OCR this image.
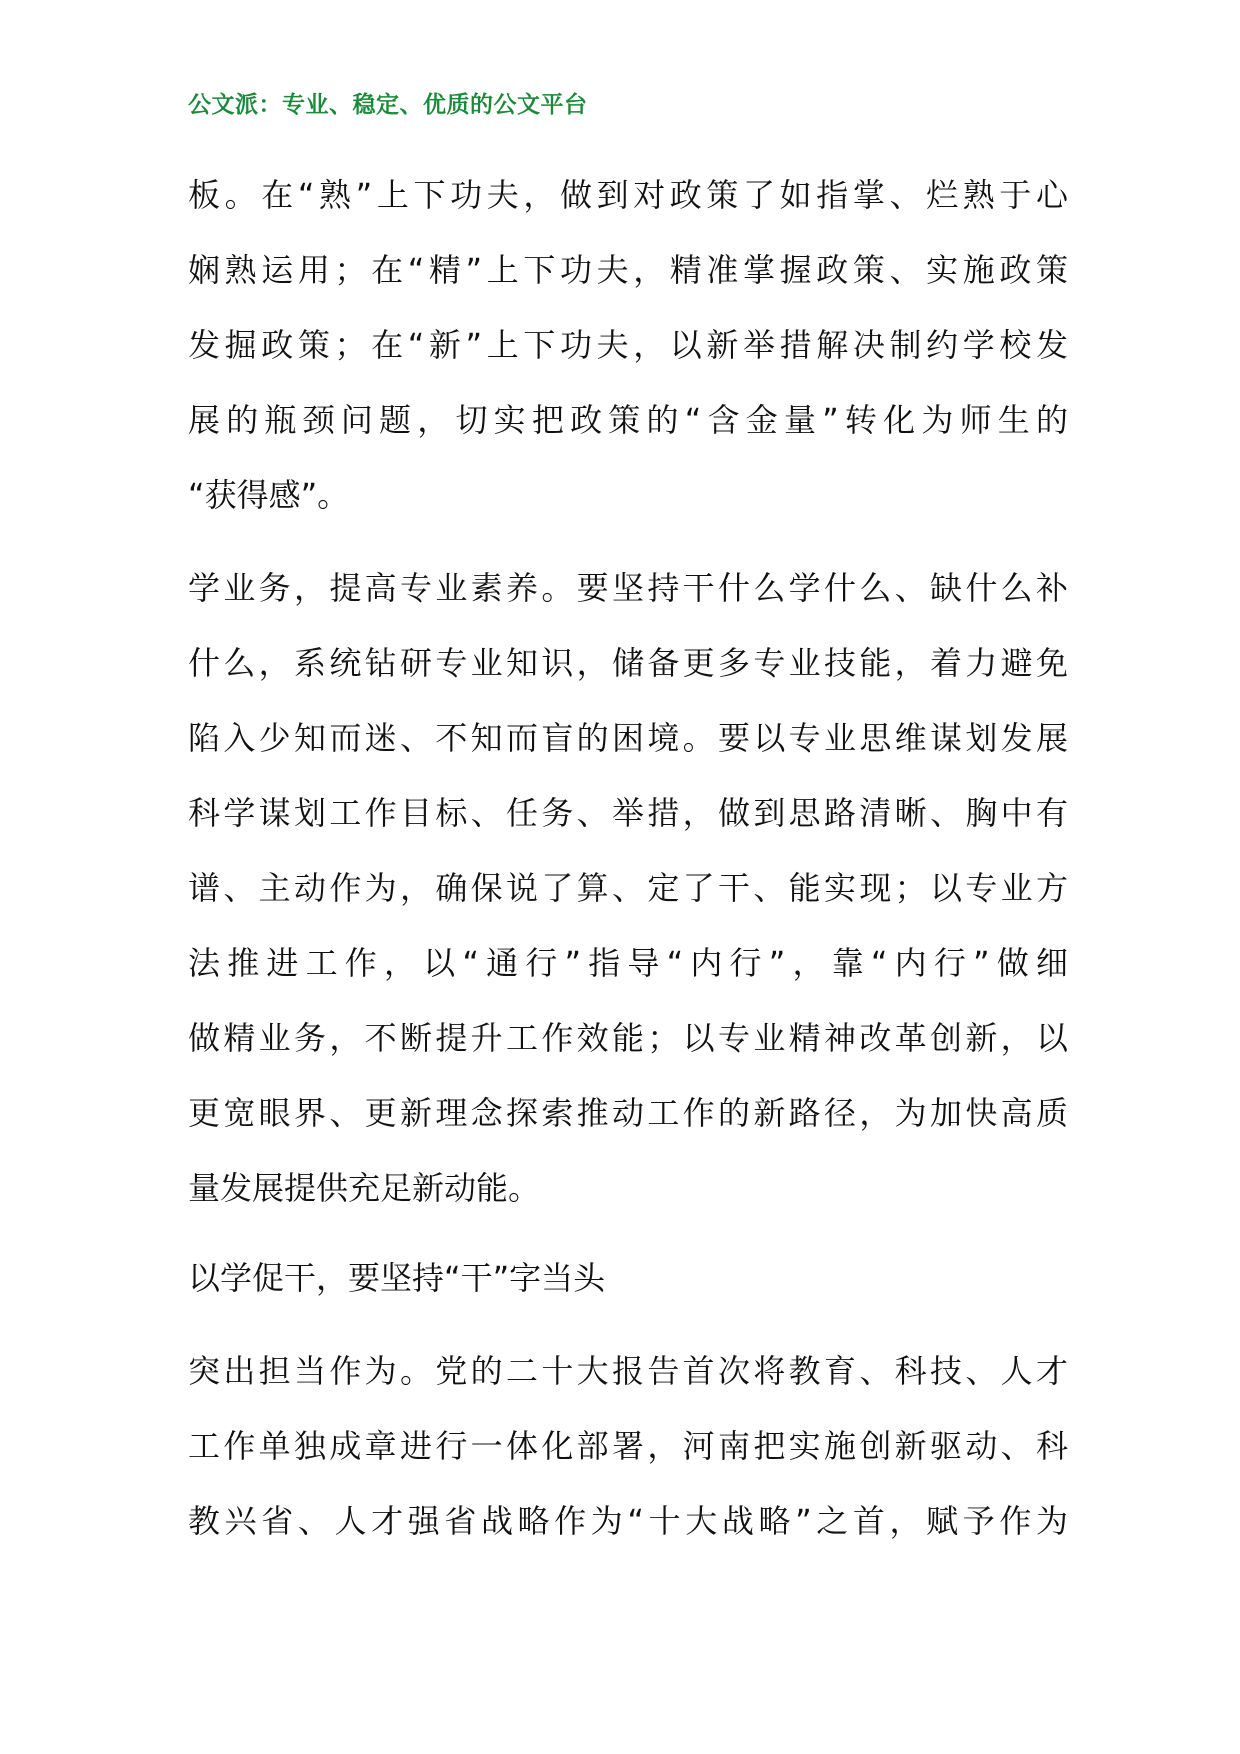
公文派：专业、稳定、优质的公文平台
板。在“熟”上下功夫，做到对政策了如指掌、烂熟于心
娴熟运用；在“精”上下功夫，精准掌握政策、实施政策
发掘政策；在“新”上下功夫，以新举措解决制约学校发
展的瓶颈问题，切实把政策的“含金量”转化为师生的
“获得感”。
学业务，提高专业素养。要坚持干什么学什么、缺什么补
什么，系统钻研专业知识，储备更多专业技能，着力避免
陷入少知而迷、不知而盲的困境。要以专业思维谋划发展
科学谋划工作目标、任务、举措，做到思路清晰、胸中有
谱、主动作为，确保说了算、定了干、能实现；以专业方
法推进工作，以“通行”指导“内行”，靠“内行”做细
做精业务，不断提升工作效能；以专业精神改革创新，以
更宽眼界、更新理念探索推动工作的新路径，为加快高质
量发展提供充足新动能。
以学促干，要坚持“干”字当头
突出担当作为。党的二十大报告首次将教育、科技、人才
工作单独成章进行一体化部署，河南把实施创新驱动、科
教兴省、人才强省战略作为“十大战略”之首，赋予作为
